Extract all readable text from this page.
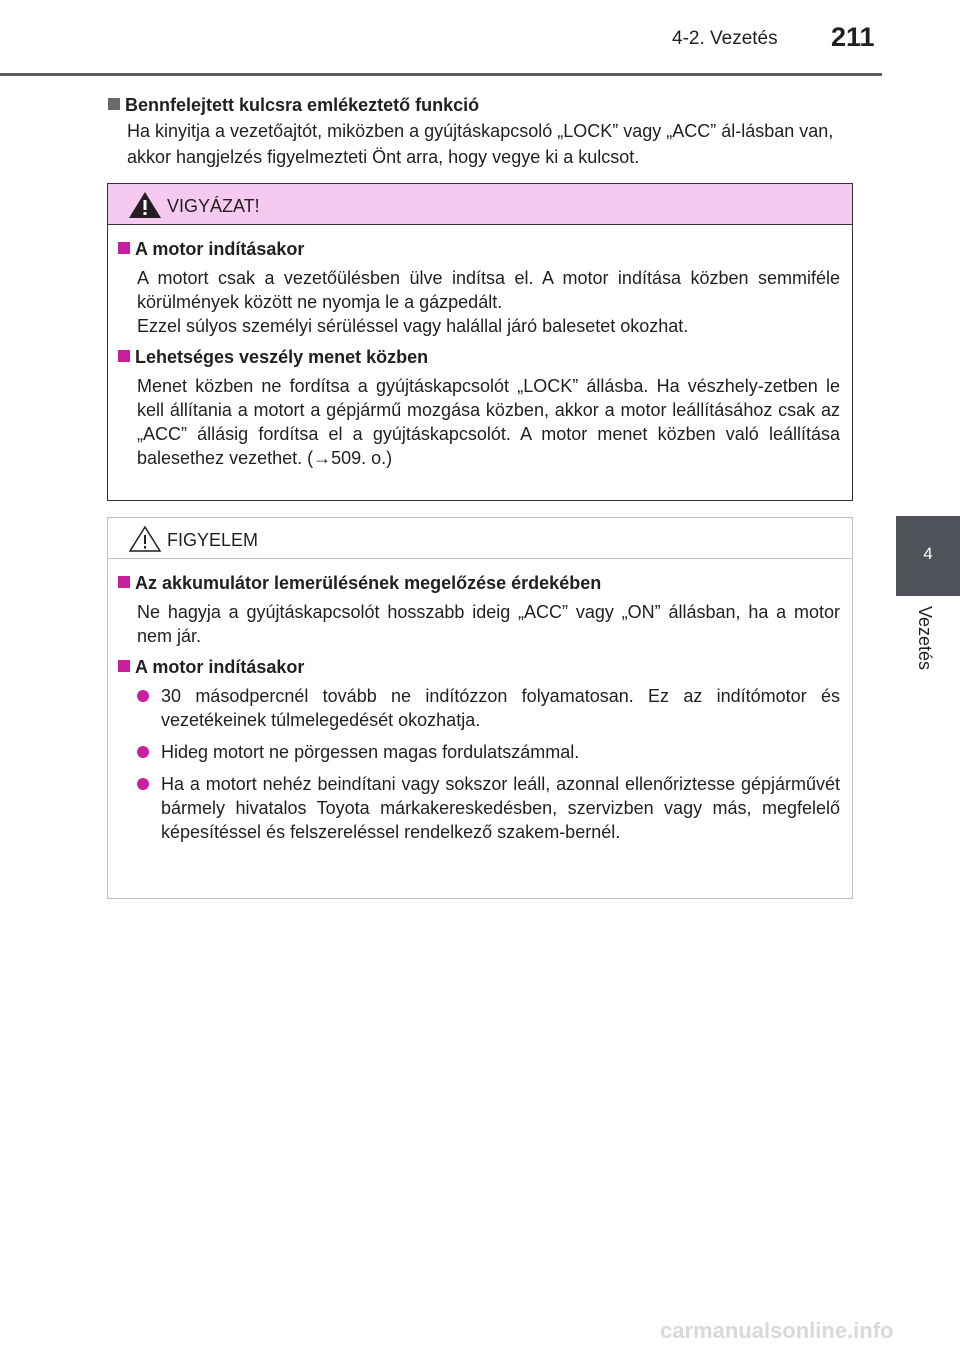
4-2. Vezetés 211
4
Vezetés
Bennfelejtett kulcsra emlékeztető funkció
Ha kinyitja a vezetőajtót, miközben a gyújtáskapcsoló „LOCK” vagy „ACC” ál-lásban van, akkor hangjelzés figyelmezteti Önt arra, hogy vegye ki a kulcsot.
VIGYÁZAT!
A motor indításakor
A motort csak a vezetőülésben ülve indítsa el. A motor indítása közben semmiféle körülmények között ne nyomja le a gázpedált.
Ezzel súlyos személyi sérüléssel vagy halállal járó balesetet okozhat.
Lehetséges veszély menet közben
Menet közben ne fordítsa a gyújtáskapcsolót „LOCK” állásba. Ha vészhely-zetben le kell állítania a motort a gépjármű mozgása közben, akkor a motor leállításához csak az „ACC” állásig fordítsa el a gyújtáskapcsolót. A motor menet közben való leállítása balesethez vezethet. (→509. o.)
FIGYELEM
Az akkumulátor lemerülésének megelőzése érdekében
Ne hagyja a gyújtáskapcsolót hosszabb ideig „ACC” vagy „ON” állásban, ha a motor nem jár.
A motor indításakor
30 másodpercnél tovább ne indítózzon folyamatosan. Ez az indítómotor és vezetékeinek túlmelegedését okozhatja.
Hideg motort ne pörgessen magas fordulatszámmal.
Ha a motort nehéz beindítani vagy sokszor leáll, azonnal ellenőriztesse gépjárművét bármely hivatalos Toyota márkakereskedésben, szervizben vagy más, megfelelő képesítéssel és felszereléssel rendelkező szakem-bernél.
carmanualsonline.info
